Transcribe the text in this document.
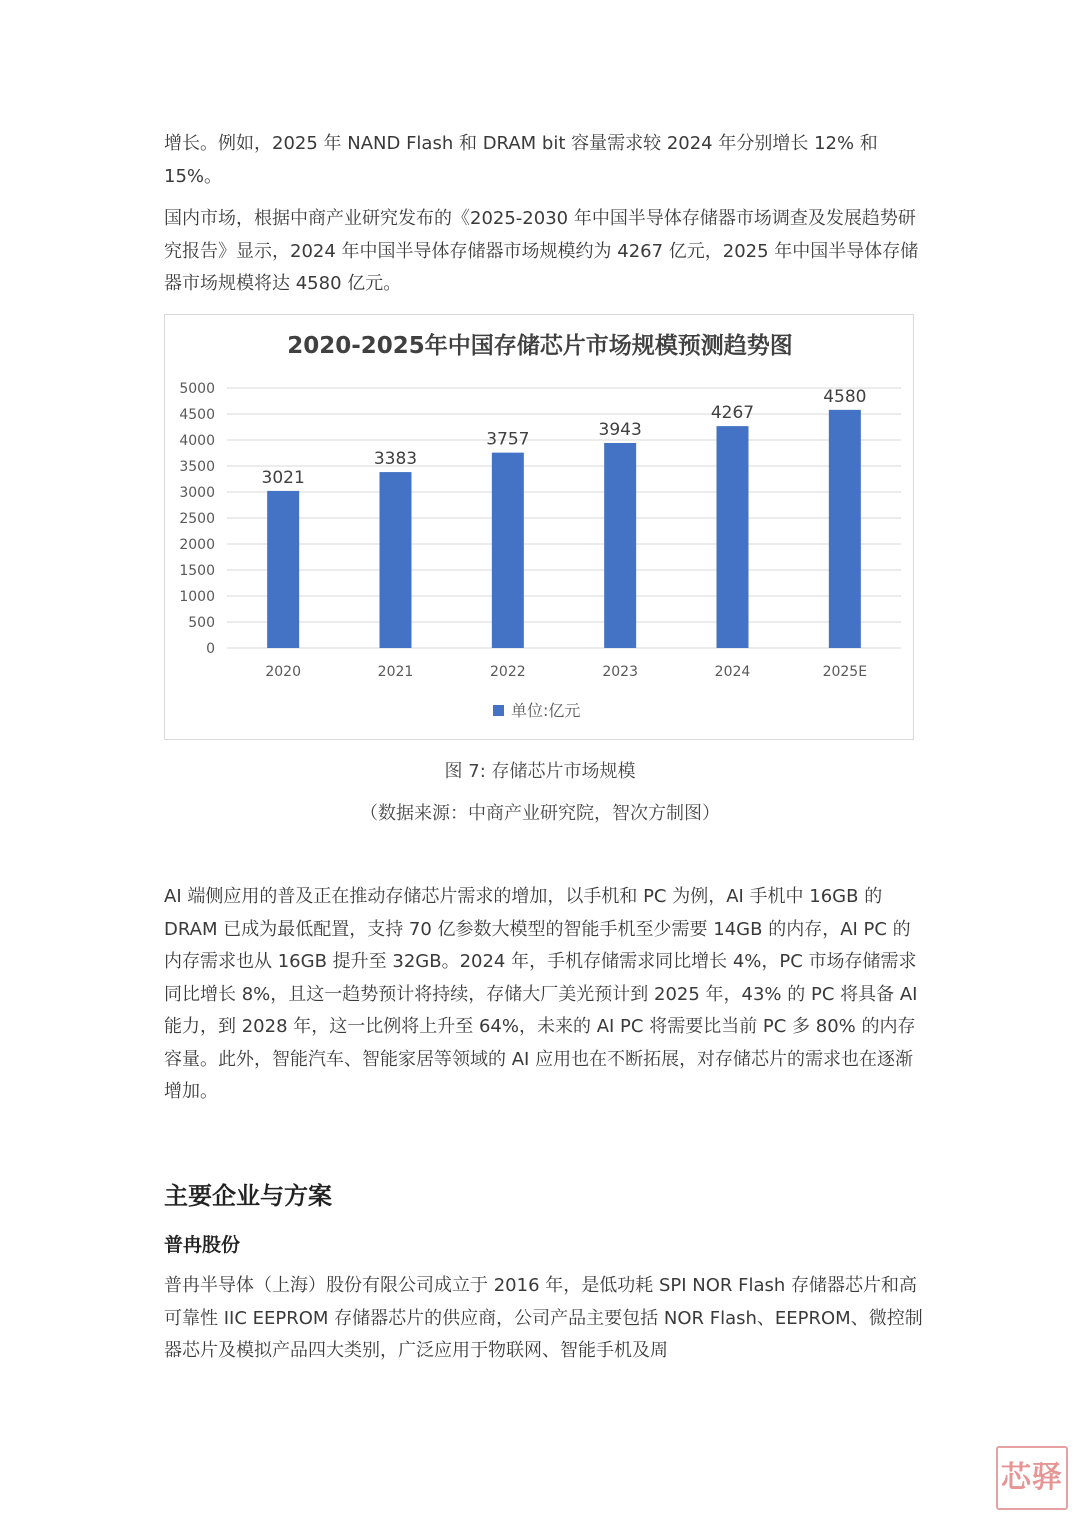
增长。例如，2025 年 NAND Flash 和 DRAM bit 容量需求较 2024 年分别增长 12% 和 15%。

国内市场，根据中商产业研究发布的《2025-2030 年中国半导体存储器市场调查及发展趋势研究报告》显示，2024 年中国半导体存储器市场规模约为 4267 亿元，2025 年中国半导体存储器市场规模将达 4580 亿元。

2020-2025年中国存储芯片市场规模预测趋势图
0
500
1000
1500
2000
2500
3000
3500
4000
4500
5000
3021
2020
3383
2021
3757
2022
3943
2023
4267
2024
4580
2025E
单位:亿元

图 7: 存储芯片市场规模

（数据来源：中商产业研究院，智次方制图）

AI 端侧应用的普及正在推动存储芯片需求的增加，以手机和 PC 为例，AI 手机中 16GB 的 DRAM 已成为最低配置，支持 70 亿参数大模型的智能手机至少需要 14GB 的内存，AI PC 的内存需求也从 16GB 提升至 32GB。2024 年，手机存储需求同比增长 4%，PC 市场存储需求同比增长 8%，且这一趋势预计将持续，存储大厂美光预计到 2025 年，43% 的 PC 将具备 AI 能力，到 2028 年，这一比例将上升至 64%，未来的 AI PC 将需要比当前 PC 多 80% 的内存容量。此外，智能汽车、智能家居等领域的 AI 应用也在不断拓展，对存储芯片的需求也在逐渐增加。

主要企业与方案
普冉股份

普冉半导体（上海）股份有限公司成立于 2016 年，是低功耗 SPI NOR Flash 存储器芯片和高可靠性 IIC EEPROM 存储器芯片的供应商，公司产品主要包括 NOR Flash、EEPROM、微控制器芯片及模拟产品四大类别，广泛应用于物联网、智能手机及周

芯驿
